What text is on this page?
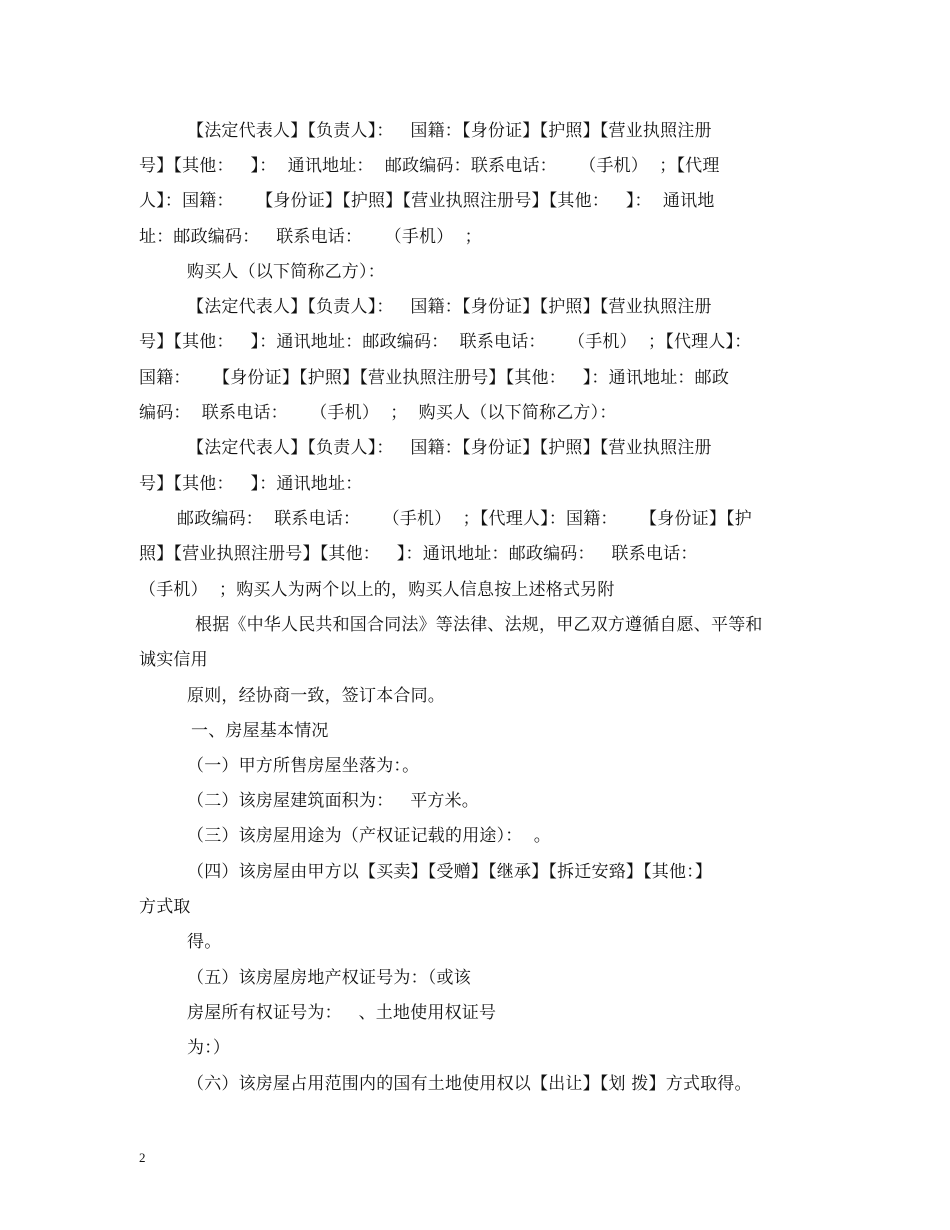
【法定代表人】【负责人】：   国籍：【身份证】【护照】【营业执照注册
号】【其他：   】：  通讯地址：  邮政编码：联系电话：    （手机）  ；【代理
人】：国籍：    【身份证】【护照】【营业执照注册号】【其他：   】：  通讯地
址：邮政编码：   联系电话：    （手机）  ；
购买人（以下简称乙方）：
【法定代表人】【负责人】：   国籍：【身份证】【护照】【营业执照注册
号】【其他：   】：通讯地址：邮政编码：  联系电话：    （手机）  ；【代理人】：
国籍：    【身份证】【护照】【营业执照注册号】【其他：   】：通讯地址：邮政
编码：  联系电话：    （手机）  ；  购买人（以下简称乙方）：
【法定代表人】【负责人】：   国籍：【身份证】【护照】【营业执照注册
号】【其他：   】：通讯地址：
邮政编码：  联系电话：    （手机）  ；【代理人】：国籍：    【身份证】【护
照】【营业执照注册号】【其他：   】：通讯地址：邮政编码：   联系电话：
（手机）  ；购买人为两个以上的，购买人信息按上述格式另附
根据《中华人民共和国合同法》等法律、法规，甲乙双方遵循自愿、平等和
诚实信用
原则，经协商一致，签订本合同。
一、房屋基本情况
（一）甲方所售房屋坐落为：。
（二）该房屋建筑面积为：   平方米。
（三）该房屋用途为（产权证记载的用途）：  。
（四）该房屋由甲方以【买卖】【受赠】【继承】【拆迁安臵】【其他：】
方式取
得。
（五）该房屋房地产权证号为：（或该
房屋所有权证号为：   、土地使用权证号
为：）
（六）该房屋占用范围内的国有土地使用权以【出让】【划 拨】方式取得。
2
